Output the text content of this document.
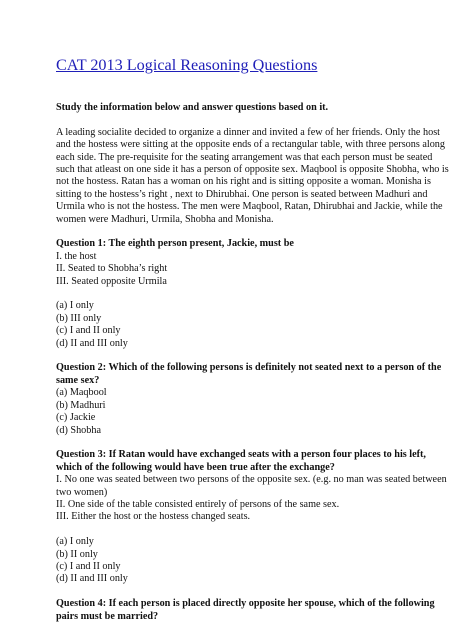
CAT 2013 Logical Reasoning Questions
Study the information below and answer questions based on it.
A leading socialite decided to organize a dinner and invited a few of her friends. Only the host
and the hostess were sitting at the opposite ends of a rectangular table, with three persons along
each side. The pre-requisite for the seating arrangement was that each person must be seated
such that atleast on one side it has a person of opposite sex. Maqbool is opposite Shobha, who is
not the hostess. Ratan has a woman on his right and is sitting opposite a woman. Monisha is
sitting to the hostess’s right , next to Dhirubhai. One person is seated between Madhuri and
Urmila who is not the hostess. The men were Maqbool, Ratan, Dhirubhai and Jackie, while the
women were Madhuri, Urmila, Shobha and Monisha.
Question 1: The eighth person present, Jackie, must be
I. the host
II. Seated to Shobha’s right
III. Seated opposite Urmila
(a) I only
(b) III only
(c) I and II only
(d) II and III only
Question 2: Which of the following persons is definitely not seated next to a person of the
same sex?
(a) Maqbool
(b) Madhuri
(c) Jackie
(d) Shobha
Question 3: If Ratan would have exchanged seats with a person four places to his left,
which of the following would have been true after the exchange?
I. No one was seated between two persons of the opposite sex. (e.g. no man was seated between
two women)
II. One side of the table consisted entirely of persons of the same sex.
III. Either the host or the hostess changed seats.
(a) I only
(b) II only
(c) I and II only
(d) II and III only
Question 4: If each person is placed directly opposite her spouse, which of the following
pairs must be married?
